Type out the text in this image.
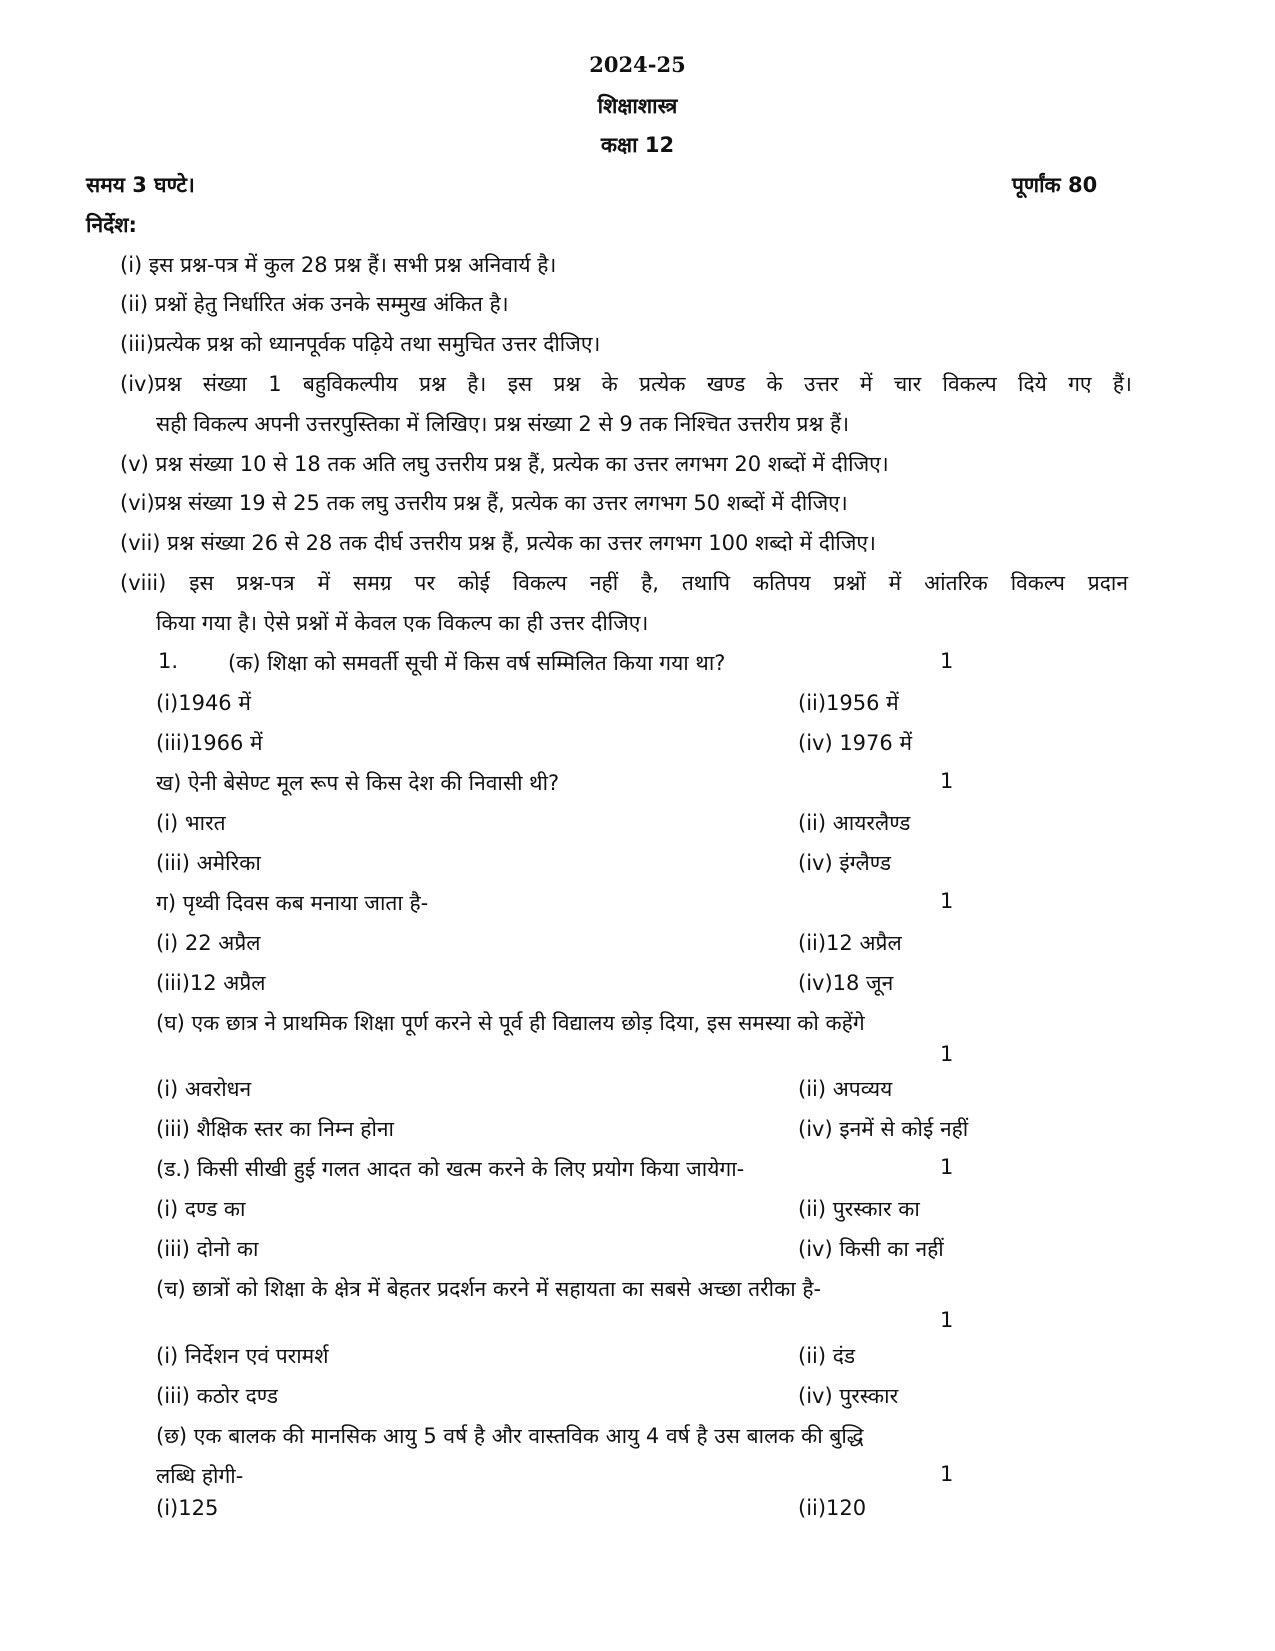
2024-25
शिक्षाशास्त्र
कक्षा 12
समय 3 घण्टे।	पूर्णांक 80
निर्देश:
(i) इस प्रश्न-पत्र में कुल 28 प्रश्न हैं। सभी प्रश्न अनिवार्य है।
(ii) प्रश्नों हेतु निर्धारित अंक उनके सम्मुख अंकित है।
(iii)प्रत्येक प्रश्न को ध्यानपूर्वक पढ़िये तथा समुचित उत्तर दीजिए।
(iv)प्रश्न संख्या 1 बहुविकल्पीय प्रश्न है। इस प्रश्न के प्रत्येक खण्ड के उत्तर में चार विकल्प दिये गए हैं।
सही विकल्प अपनी उत्तरपुस्तिका में लिखिए। प्रश्न संख्या 2 से 9 तक निश्चित उत्तरीय प्रश्न हैं।
(v) प्रश्न संख्या 10 से 18 तक अति लघु उत्तरीय प्रश्न हैं, प्रत्येक का उत्तर लगभग 20 शब्दों में दीजिए।
(vi)प्रश्न संख्या 19 से 25 तक लघु उत्तरीय प्रश्न हैं, प्रत्येक का उत्तर लगभग 50 शब्दों में दीजिए।
(vii) प्रश्न संख्या 26 से 28 तक दीर्घ उत्तरीय प्रश्न हैं, प्रत्येक का उत्तर लगभग 100 शब्दो में दीजिए।
(viii) इस प्रश्न-पत्र में समग्र पर कोई विकल्प नहीं है, तथापि कतिपय प्रश्नों में आंतरिक विकल्प प्रदान
किया गया है। ऐसे प्रश्नों में केवल एक विकल्प का ही उत्तर दीजिए।
1. (क) शिक्षा को समवर्ती सूची में किस वर्ष सम्मिलित किया गया था?	1
(i)1946 में	(ii)1956 में
(iii)1966 में	(iv) 1976 में
ख) ऐनी बेसेण्ट मूल रूप से किस देश की निवासी थी?	1
(i) भारत	(ii) आयरलैण्ड
(iii) अमेरिका	(iv) इंग्लैण्ड
ग) पृथ्वी दिवस कब मनाया जाता है-	1
(i) 22 अप्रैल	(ii)12 अप्रैल
(iii)12 अप्रैल	(iv)18 जून
(घ) एक छात्र ने प्राथमिक शिक्षा पूर्ण करने से पूर्व ही विद्यालय छोड़ दिया, इस समस्या को कहेंगे
1
(i) अवरोधन	(ii) अपव्यय
(iii) शैक्षिक स्तर का निम्न होना	(iv) इनमें से कोई नहीं
(ड.) किसी सीखी हुई गलत आदत को खत्म करने के लिए प्रयोग किया जायेगा-	1
(i) दण्ड का	(ii) पुरस्कार का
(iii) दोनो का	(iv) किसी का नहीं
(च) छात्रों को शिक्षा के क्षेत्र में बेहतर प्रदर्शन करने में सहायता का सबसे अच्छा तरीका है-
1
(i) निर्देशन एवं परामर्श	(ii) दंड
(iii) कठोर दण्ड	(iv) पुरस्कार
(छ) एक बालक की मानसिक आयु 5 वर्ष है और वास्तविक आयु 4 वर्ष है उस बालक की बुद्धि
लब्धि होगी-	1
(i)125	(ii)120
